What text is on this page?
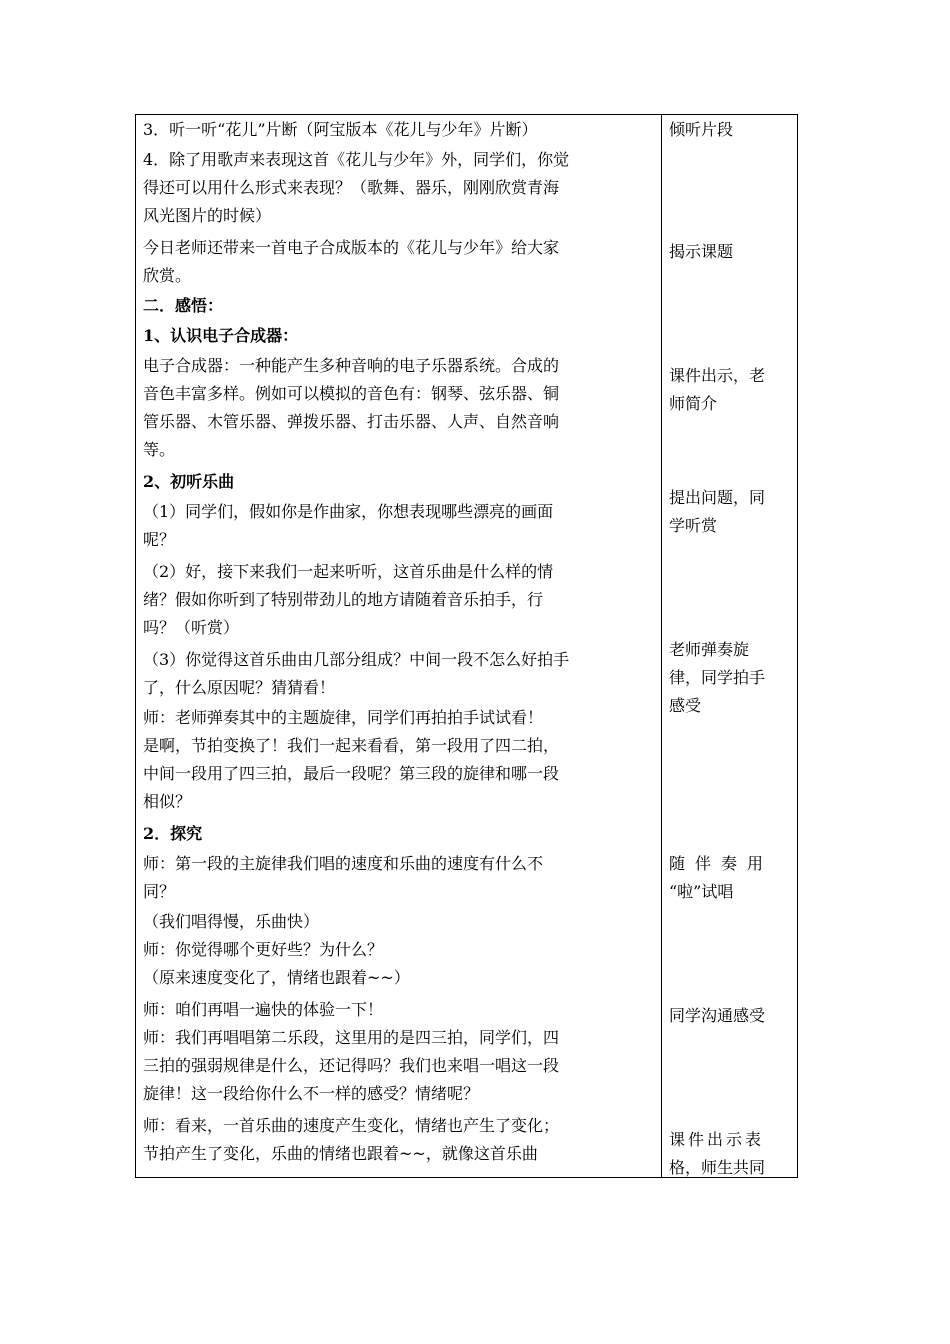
3．听一听“花儿”片断（阿宝版本《花儿与少年》片断）
4．除了用歌声来表现这首《花儿与少年》外，同学们，你觉
得还可以用什么形式来表现？（歌舞、器乐，刚刚欣赏青海
风光图片的时候）
今日老师还带来一首电子合成版本的《花儿与少年》给大家
欣赏。
二．感悟：
1、认识电子合成器：
电子合成器：一种能产生多种音响的电子乐器系统。合成的
音色丰富多样。例如可以模拟的音色有：钢琴、弦乐器、铜
管乐器、木管乐器、弹拨乐器、打击乐器、人声、自然音响
等。
2、初听乐曲
（1）同学们，假如你是作曲家，你想表现哪些漂亮的画面
呢？
（2）好，接下来我们一起来听听，这首乐曲是什么样的情
绪？假如你听到了特别带劲儿的地方请随着音乐拍手，行
吗？（听赏）
（3）你觉得这首乐曲由几部分组成？中间一段不怎么好拍手
了，什么原因呢？猜猜看！
师：老师弹奏其中的主题旋律，同学们再拍拍手试试看！
是啊，节拍变换了！我们一起来看看，第一段用了四二拍，
中间一段用了四三拍，最后一段呢？第三段的旋律和哪一段
相似？
2．探究
师：第一段的主旋律我们唱的速度和乐曲的速度有什么不
同？
（我们唱得慢，乐曲快）
师：你觉得哪个更好些？为什么？
（原来速度变化了，情绪也跟着~~）
师：咱们再唱一遍快的体验一下！
师：我们再唱唱第二乐段，这里用的是四三拍，同学们，四
三拍的强弱规律是什么，还记得吗？我们也来唱一唱这一段
旋律！这一段给你什么不一样的感受？情绪呢？
师：看来，一首乐曲的速度产生变化，情绪也产生了变化；
节拍产生了变化，乐曲的情绪也跟着~~，就像这首乐曲
倾听片段
揭示课题
课件出示，老
师简介
提出问题，同
学听赏
老师弹奏旋
律，同学拍手
感受
随伴奏用
“啦”试唱
同学沟通感受
课件出示表
格，师生共同
